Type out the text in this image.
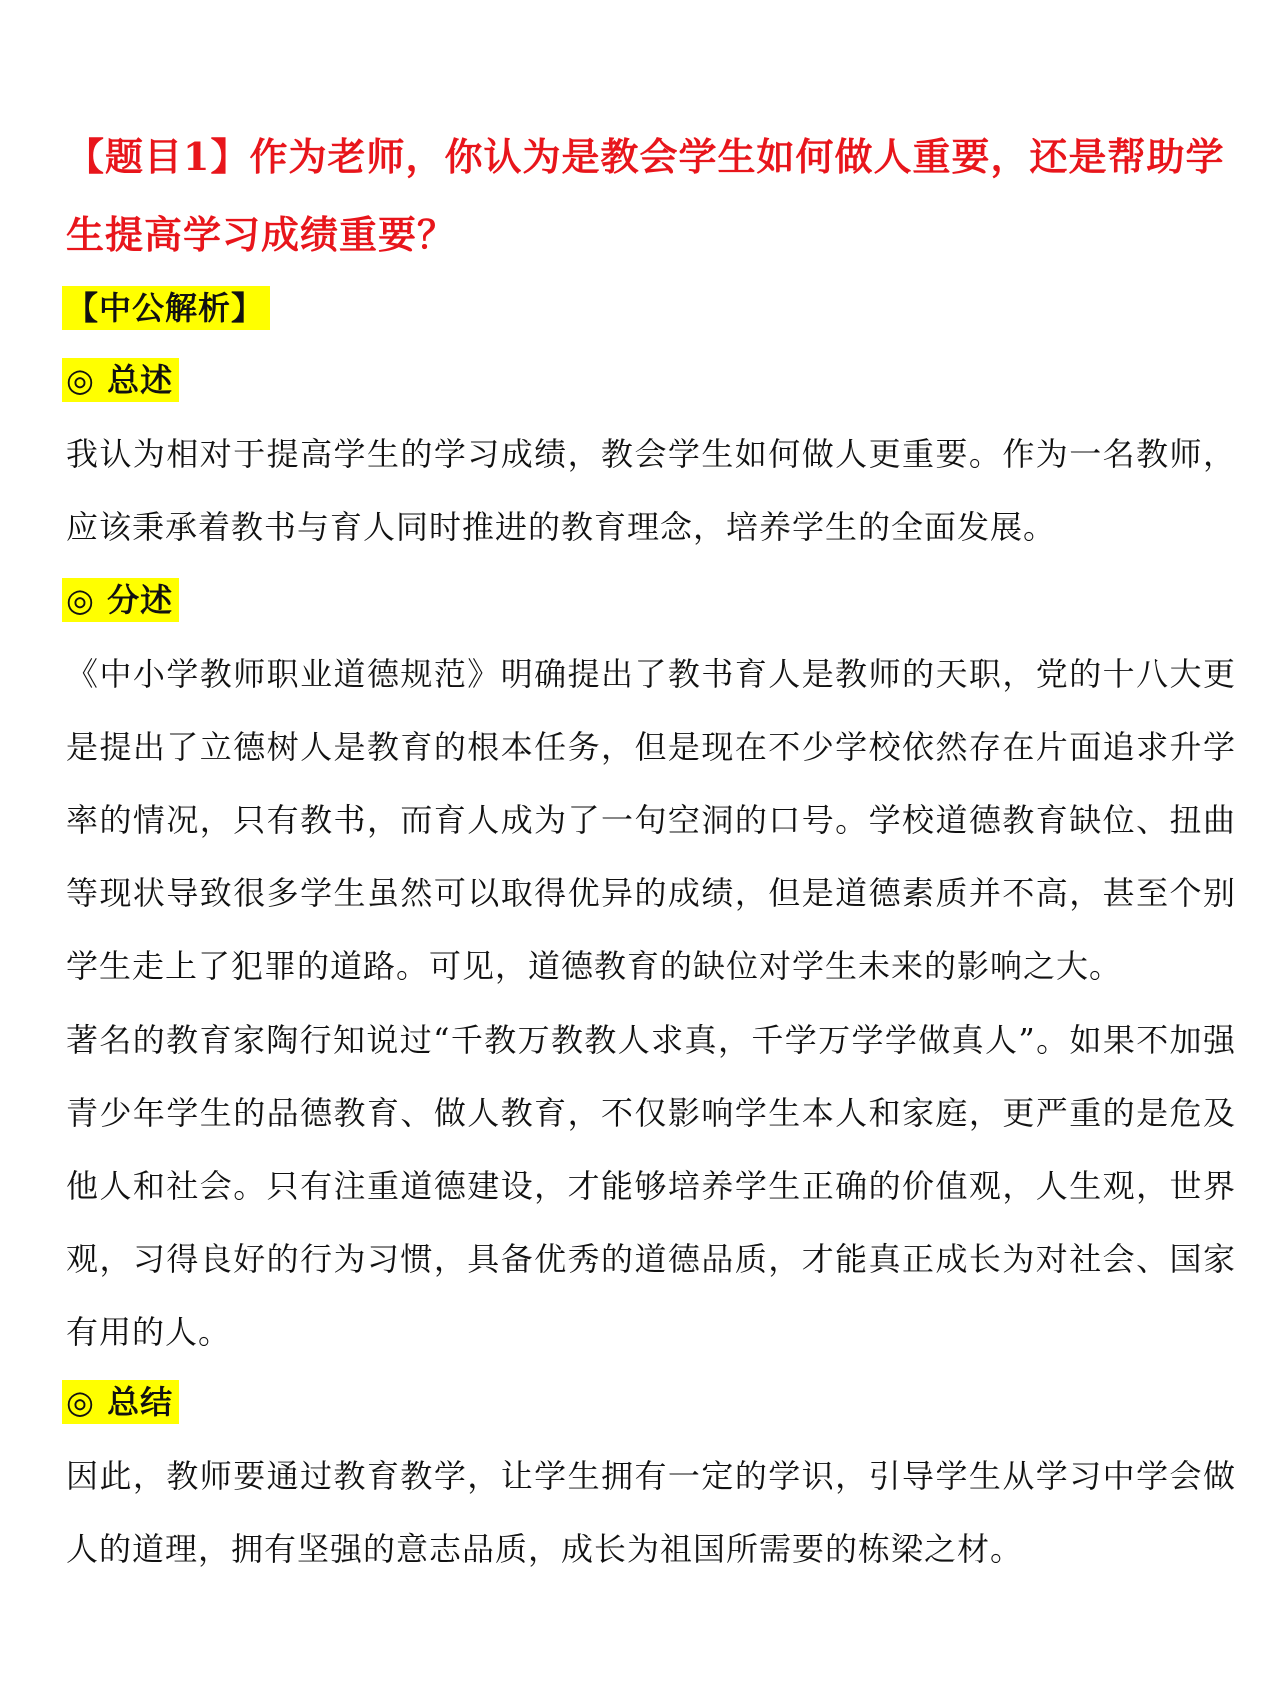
【题目1】作为老师，你认为是教会学生如何做人重要，还是帮助学生提高学习成绩重要？
【中公解析】
◎ 总述

我认为相对于提高学生的学习成绩，教会学生如何做人更重要。作为一名教师，应该秉承着教书与育人同时推进的教育理念，培养学生的全面发展。

◎ 分述

《中小学教师职业道德规范》明确提出了教书育人是教师的天职，党的十八大更是提出了立德树人是教育的根本任务，但是现在不少学校依然存在片面追求升学率的情况，只有教书，而育人成为了一句空洞的口号。学校道德教育缺位、扭曲等现状导致很多学生虽然可以取得优异的成绩，但是道德素质并不高，甚至个别学生走上了犯罪的道路。可见，道德教育的缺位对学生未来的影响之大。

著名的教育家陶行知说过“千教万教教人求真，千学万学学做真人”。如果不加强青少年学生的品德教育、做人教育，不仅影响学生本人和家庭，更严重的是危及他人和社会。只有注重道德建设，才能够培养学生正确的价值观，人生观，世界观，习得良好的行为习惯，具备优秀的道德品质，才能真正成长为对社会、国家有用的人。

◎ 总结

因此，教师要通过教育教学，让学生拥有一定的学识，引导学生从学习中学会做人的道理，拥有坚强的意志品质，成长为祖国所需要的栋梁之材。
